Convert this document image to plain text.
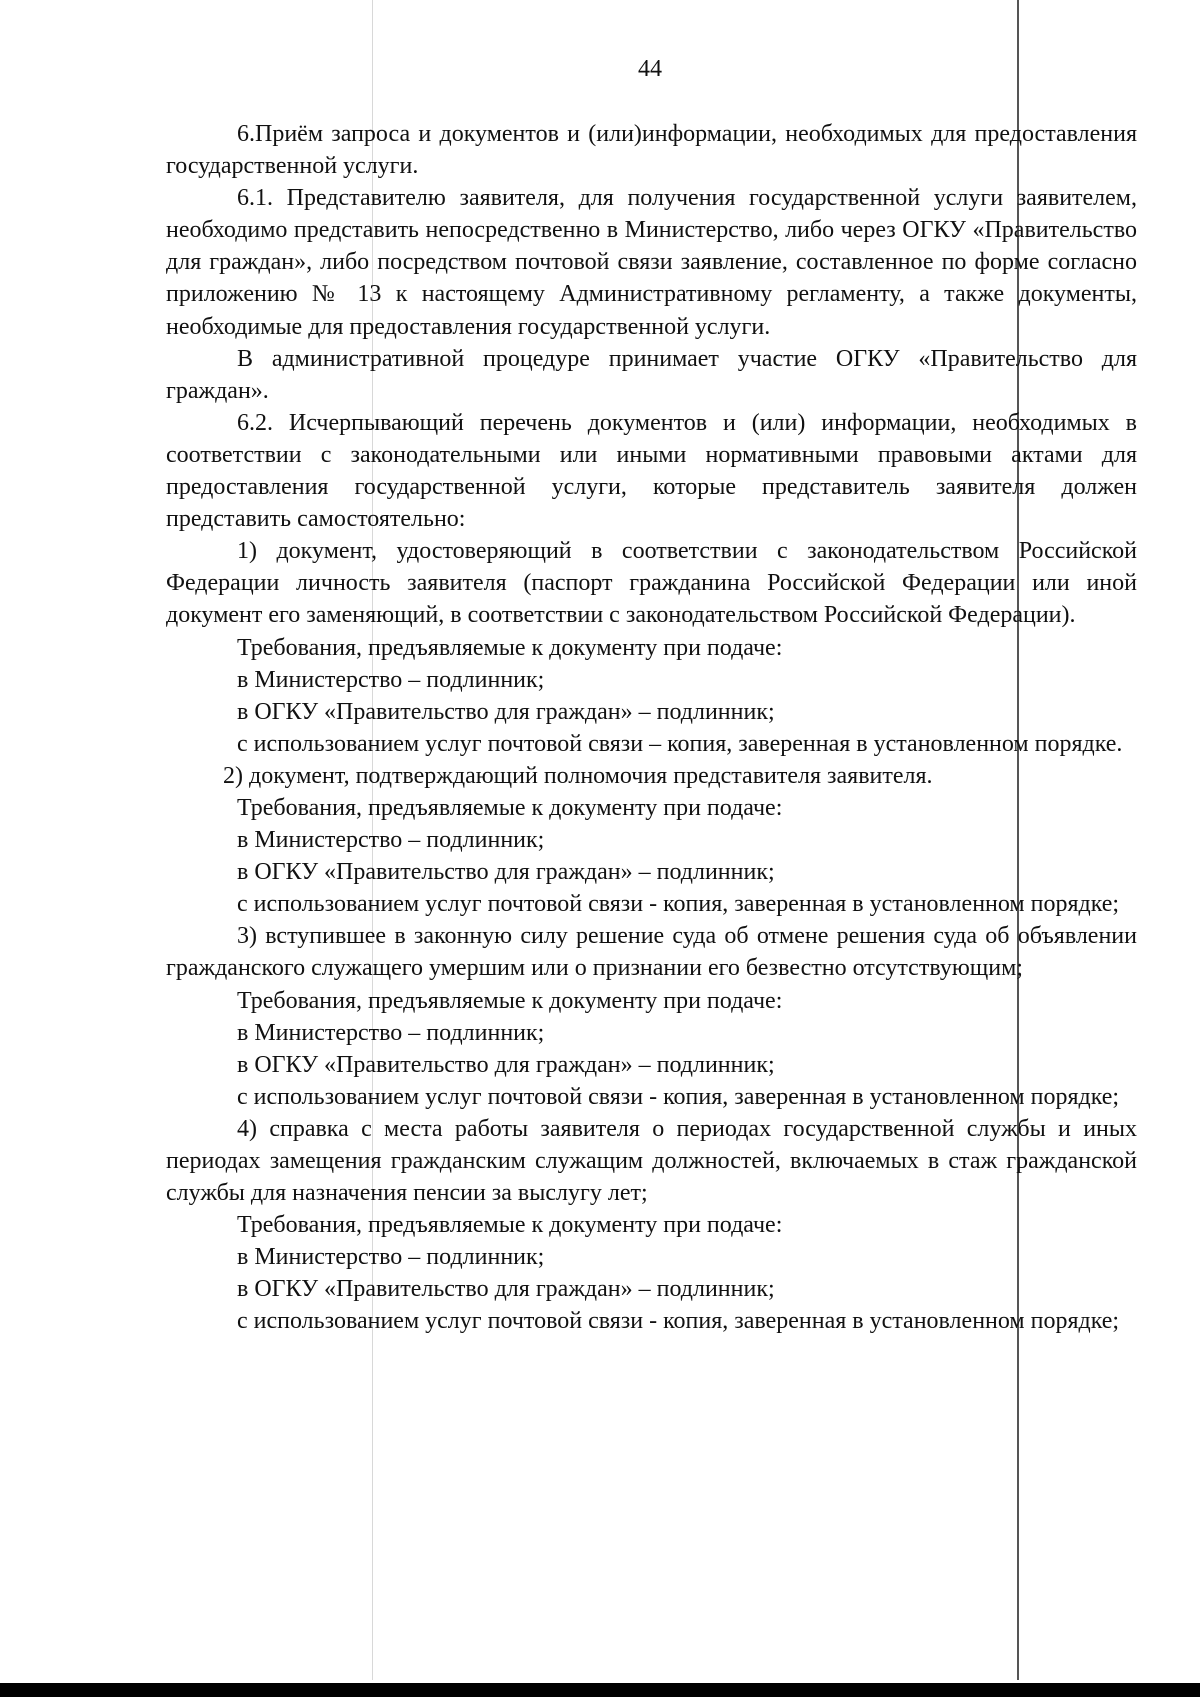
44

6.Приём запроса и документов и (или)информации, необходимых для предоставления государственной услуги.

6.1. Представителю заявителя, для получения государственной услуги заявителем, необходимо представить непосредственно в Министерство, либо через ОГКУ «Правительство для граждан», либо посредством почтовой связи заявление, составленное по форме согласно приложению № 13 к настоящему Административному регламенту, а также документы, необходимые для предоставления государственной услуги.

В административной процедуре принимает участие ОГКУ «Правительство для граждан».

6.2. Исчерпывающий перечень документов и (или) информации, необходимых в соответствии с законодательными или иными нормативными правовыми актами для предоставления государственной услуги, которые представитель заявителя должен представить самостоятельно:

1) документ, удостоверяющий в соответствии с законодательством Российской Федерации личность заявителя (паспорт гражданина Российской Федерации или иной документ его заменяющий, в соответствии с законодательством Российской Федерации).

Требования, предъявляемые к документу при подаче:

в Министерство – подлинник;

в ОГКУ «Правительство для граждан» – подлинник;

с использованием услуг почтовой связи – копия, заверенная в установленном порядке.

2) документ, подтверждающий полномочия представителя заявителя.

Требования, предъявляемые к документу при подаче:

в Министерство – подлинник;

в ОГКУ «Правительство для граждан» – подлинник;

с использованием услуг почтовой связи - копия, заверенная в установленном порядке;

3) вступившее в законную силу решение суда об отмене решения суда об объявлении гражданского служащего умершим или о признании его безвестно отсутствующим;

Требования, предъявляемые к документу при подаче:

в Министерство – подлинник;

в ОГКУ «Правительство для граждан» – подлинник;

с использованием услуг почтовой связи - копия, заверенная в установленном порядке;

4) справка с места работы заявителя о периодах государственной службы и иных периодах замещения гражданским служащим должностей, включаемых в стаж гражданской службы для назначения пенсии за выслугу лет;

Требования, предъявляемые к документу при подаче:

в Министерство – подлинник;

в ОГКУ «Правительство для граждан» – подлинник;

с использованием услуг почтовой связи - копия, заверенная в установленном порядке;
